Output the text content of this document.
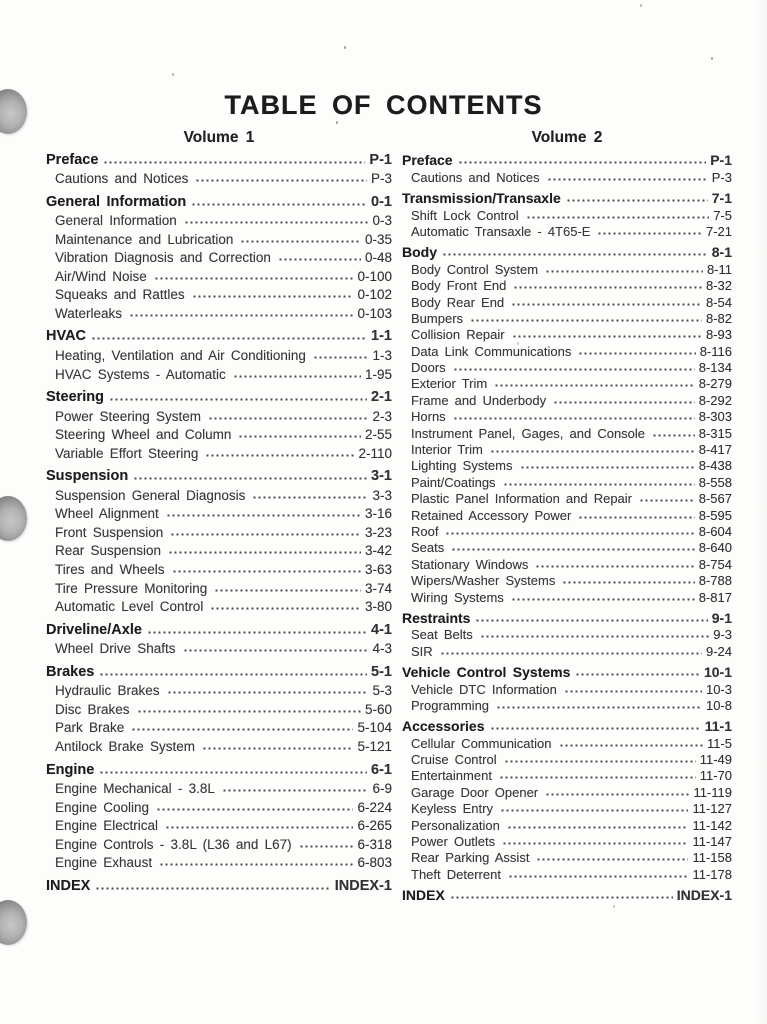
TABLE OF CONTENTS
Volume 1	Volume 2
Preface	P-1
Cautions and Notices	P-3
General Information	0-1
General Information	0-3
Maintenance and Lubrication	0-35
Vibration Diagnosis and Correction	0-48
Air/Wind Noise	0-100
Squeaks and Rattles	0-102
Waterleaks	0-103
HVAC	1-1
Heating, Ventilation and Air Conditioning	1-3
HVAC Systems - Automatic	1-95
Steering	2-1
Power Steering System	2-3
Steering Wheel and Column	2-55
Variable Effort Steering	2-110
Suspension	3-1
Suspension General Diagnosis	3-3
Wheel Alignment	3-16
Front Suspension	3-23
Rear Suspension	3-42
Tires and Wheels	3-63
Tire Pressure Monitoring	3-74
Automatic Level Control	3-80
Driveline/Axle	4-1
Wheel Drive Shafts	4-3
Brakes	5-1
Hydraulic Brakes	5-3
Disc Brakes	5-60
Park Brake	5-104
Antilock Brake System	5-121
Engine	6-1
Engine Mechanical - 3.8L	6-9
Engine Cooling	6-224
Engine Electrical	6-265
Engine Controls - 3.8L (L36 and L67)	6-318
Engine Exhaust	6-803
INDEX	INDEX-1
Preface	P-1
Cautions and Notices	P-3
Transmission/Transaxle	7-1
Shift Lock Control	7-5
Automatic Transaxle - 4T65-E	7-21
Body	8-1
Body Control System	8-11
Body Front End	8-32
Body Rear End	8-54
Bumpers	8-82
Collision Repair	8-93
Data Link Communications	8-116
Doors	8-134
Exterior Trim	8-279
Frame and Underbody	8-292
Horns	8-303
Instrument Panel, Gages, and Console	8-315
Interior Trim	8-417
Lighting Systems	8-438
Paint/Coatings	8-558
Plastic Panel Information and Repair	8-567
Retained Accessory Power	8-595
Roof	8-604
Seats	8-640
Stationary Windows	8-754
Wipers/Washer Systems	8-788
Wiring Systems	8-817
Restraints	9-1
Seat Belts	9-3
SIR	9-24
Vehicle Control Systems	10-1
Vehicle DTC Information	10-3
Programming	10-8
Accessories	11-1
Cellular Communication	11-5
Cruise Control	11-49
Entertainment	11-70
Garage Door Opener	11-119
Keyless Entry	11-127
Personalization	11-142
Power Outlets	11-147
Rear Parking Assist	11-158
Theft Deterrent	11-178
INDEX	INDEX-1
